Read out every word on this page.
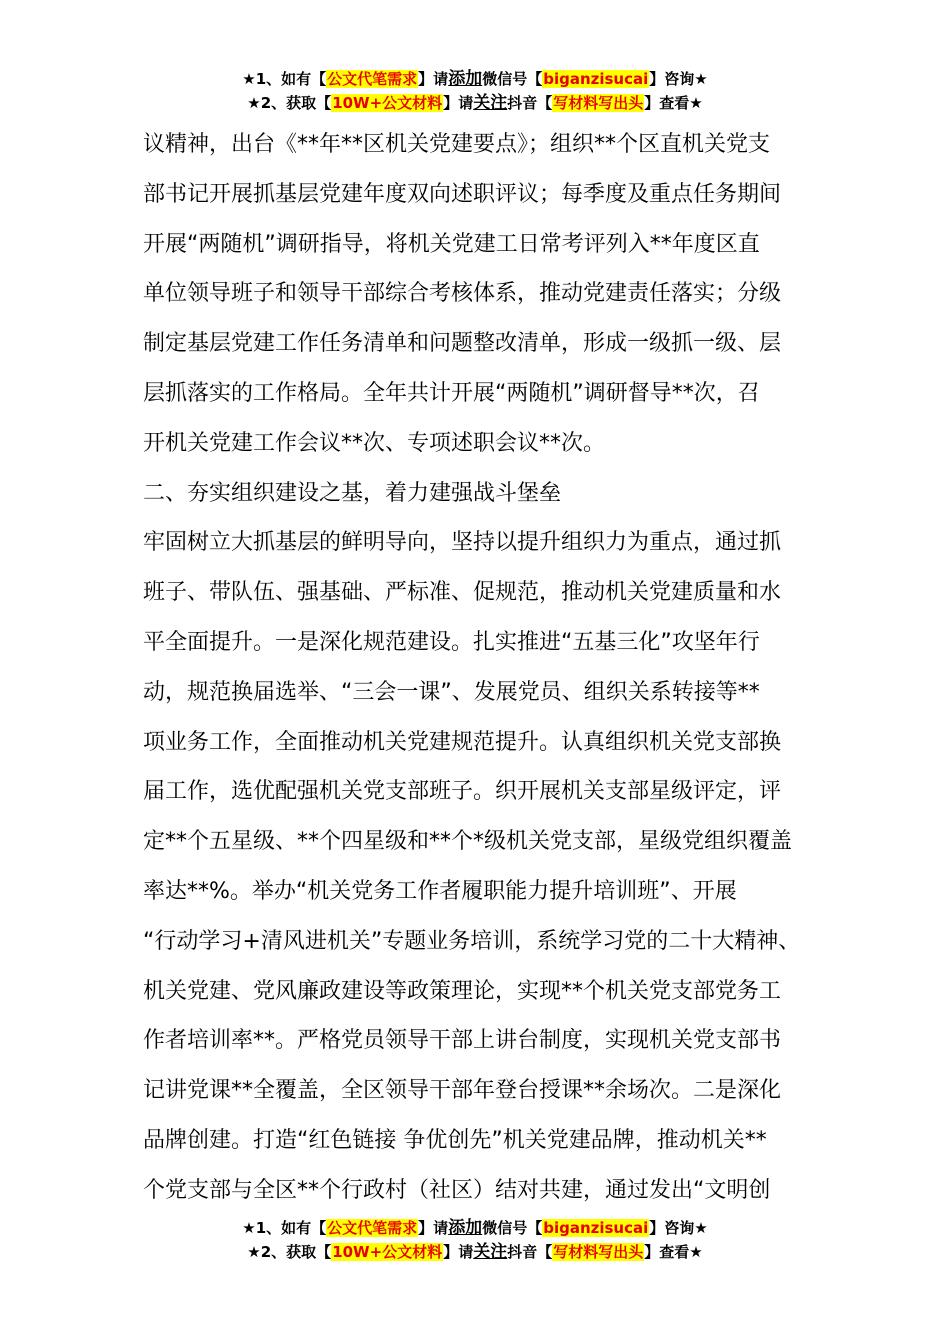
★1、如有【公文代笔需求】请添加微信号【biganzisucai】咨询★
★2、获取【10W+公文材料】请关注抖音【写材料写出头】查看★
议精神，出台《**年**区机关党建要点》；组织**个区直机关党支
部书记开展抓基层党建年度双向述职评议；每季度及重点任务期间
开展“两随机”调研指导，将机关党建工日常考评列入**年度区直
单位领导班子和领导干部综合考核体系，推动党建责任落实；分级
制定基层党建工作任务清单和问题整改清单，形成一级抓一级、层
层抓落实的工作格局。全年共计开展“两随机”调研督导**次，召
开机关党建工作会议**次、专项述职会议**次。
二、夯实组织建设之基，着力建强战斗堡垒
牢固树立大抓基层的鲜明导向，坚持以提升组织力为重点，通过抓
班子、带队伍、强基础、严标准、促规范，推动机关党建质量和水
平全面提升。一是深化规范建设。扎实推进“五基三化”攻坚年行
动，规范换届选举、“三会一课”、发展党员、组织关系转接等**
项业务工作，全面推动机关党建规范提升。认真组织机关党支部换
届工作，选优配强机关党支部班子。织开展机关支部星级评定，评
定**个五星级、**个四星级和**个*级机关党支部，星级党组织覆盖
率达**%。举办“机关党务工作者履职能力提升培训班”、开展
“行动学习+清风进机关”专题业务培训，系统学习党的二十大精神、
机关党建、党风廉政建设等政策理论，实现**个机关党支部党务工
作者培训率**。严格党员领导干部上讲台制度，实现机关党支部书
记讲党课**全覆盖，全区领导干部年登台授课**余场次。二是深化
品牌创建。打造“红色链接 争优创先”机关党建品牌，推动机关**
个党支部与全区**个行政村（社区）结对共建，通过发出“文明创
★1、如有【公文代笔需求】请添加微信号【biganzisucai】咨询★
★2、获取【10W+公文材料】请关注抖音【写材料写出头】查看★
